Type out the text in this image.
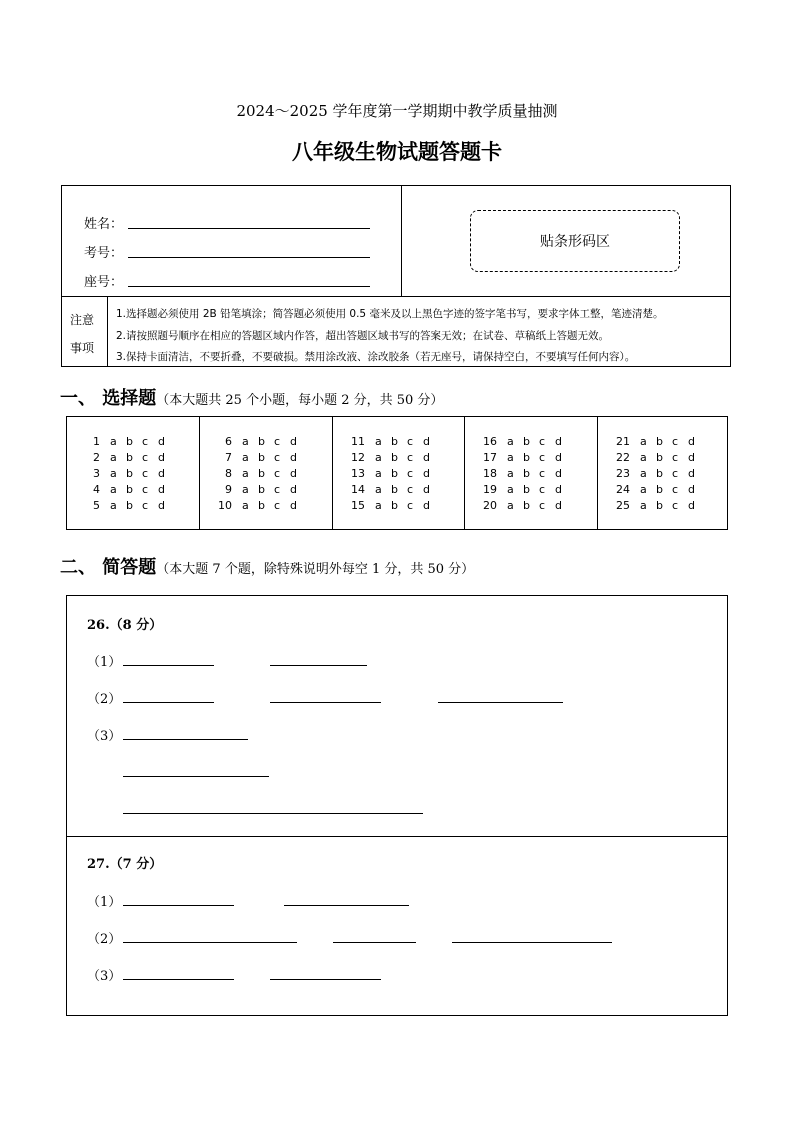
2024～2025 学年度第一学期期中教学质量抽测
八年级生物试题答题卡
姓名：
考号：
座号：
贴条形码区
注意
事项
1.选择题必须使用 2B 铅笔填涂；简答题必须使用 0.5 毫米及以上黑色字迹的签字笔书写，要求字体工整，笔迹清楚。
2.请按照题号顺序在相应的答题区域内作答，超出答题区域书写的答案无效；在试卷、草稿纸上答题无效。
3.保持卡面清洁，不要折叠，不要破损。禁用涂改液、涂改胶条（若无座号，请保持空白，不要填写任何内容）。
一、 选择题（本大题共 25 个小题，每小题 2 分，共 50 分）
1 a b c d
2 a b c d
3 a b c d
4 a b c d
5 a b c d
6 a b c d
7 a b c d
8 a b c d
9 a b c d
10 a b c d
11 a b c d
12 a b c d
13 a b c d
14 a b c d
15 a b c d
16 a b c d
17 a b c d
18 a b c d
19 a b c d
20 a b c d
21 a b c d
22 a b c d
23 a b c d
24 a b c d
25 a b c d
二、 简答题（本大题 7 个题，除特殊说明外每空 1 分，共 50 分）
26.（8 分）
（1）
（2）
（3）
27.（7 分）
（1）
（2）
（3）
